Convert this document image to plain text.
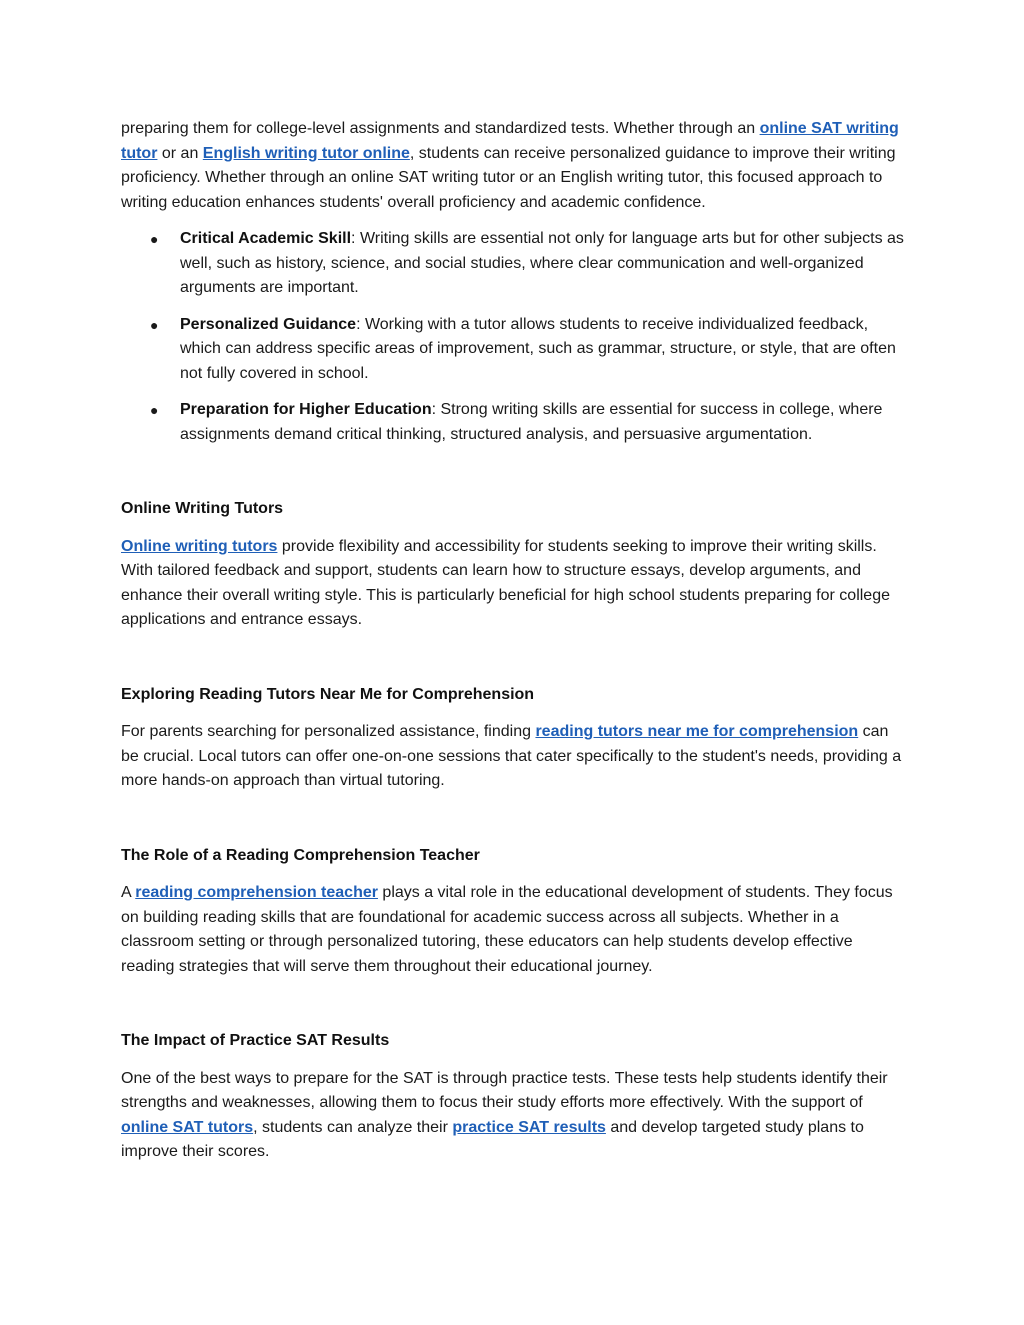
preparing them for college-level assignments and standardized tests. Whether through an online SAT writing tutor or an English writing tutor online, students can receive personalized guidance to improve their writing proficiency. Whether through an online SAT writing tutor or an English writing tutor, this focused approach to writing education enhances students' overall proficiency and academic confidence.

● Critical Academic Skill: Writing skills are essential not only for language arts but for other subjects as well, such as history, science, and social studies, where clear communication and well-organized arguments are important.
● Personalized Guidance: Working with a tutor allows students to receive individualized feedback, which can address specific areas of improvement, such as grammar, structure, or style, that are often not fully covered in school.
● Preparation for Higher Education: Strong writing skills are essential for success in college, where assignments demand critical thinking, structured analysis, and persuasive argumentation.

Online Writing Tutors

Online writing tutors provide flexibility and accessibility for students seeking to improve their writing skills. With tailored feedback and support, students can learn how to structure essays, develop arguments, and enhance their overall writing style. This is particularly beneficial for high school students preparing for college applications and entrance essays.

Exploring Reading Tutors Near Me for Comprehension

For parents searching for personalized assistance, finding reading tutors near me for comprehension can be crucial. Local tutors can offer one-on-one sessions that cater specifically to the student's needs, providing a more hands-on approach than virtual tutoring.

The Role of a Reading Comprehension Teacher

A reading comprehension teacher plays a vital role in the educational development of students. They focus on building reading skills that are foundational for academic success across all subjects. Whether in a classroom setting or through personalized tutoring, these educators can help students develop effective reading strategies that will serve them throughout their educational journey.

The Impact of Practice SAT Results

One of the best ways to prepare for the SAT is through practice tests. These tests help students identify their strengths and weaknesses, allowing them to focus their study efforts more effectively. With the support of online SAT tutors, students can analyze their practice SAT results and develop targeted study plans to improve their scores.
